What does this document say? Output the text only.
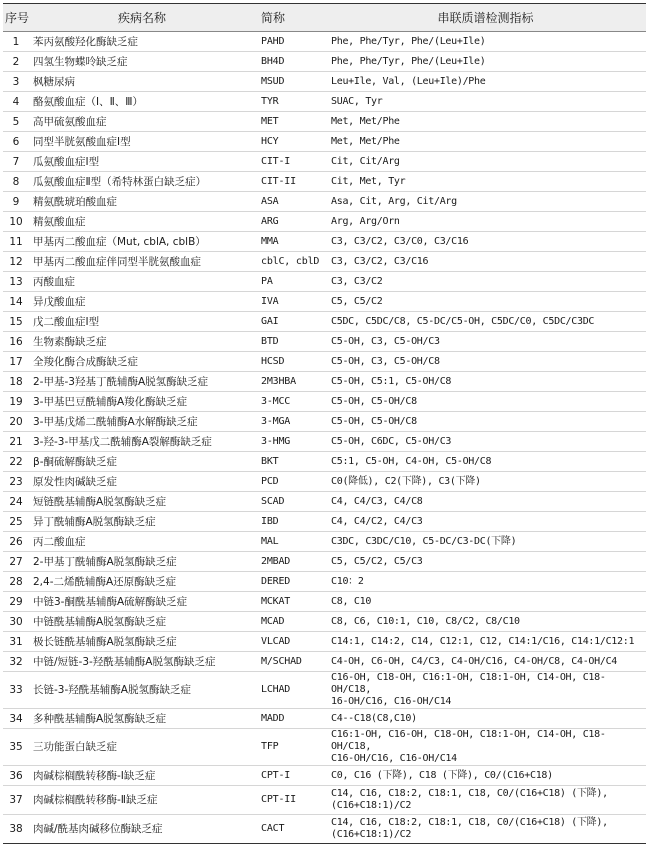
序号	疾病名称	简称	串联质谱检测指标
1	苯丙氨酸羟化酶缺乏症	PAHD	Phe, Phe/Tyr, Phe/(Leu+Ile)

2	四氢生物蝶呤缺乏症	BH4D	Phe, Phe/Tyr, Phe/(Leu+Ile)

3	枫糖尿病	MSUD	Leu+Ile, Val, (Leu+Ile)/Phe

4	酪氨酸血症（Ⅰ、Ⅱ、Ⅲ）	TYR	SUAC, Tyr

5	高甲硫氨酸血症	MET	Met, Met/Phe

6	同型半胱氨酸血症Ⅰ型	HCY	Met, Met/Phe

7	瓜氨酸血症Ⅰ型	CIT-I	Cit, Cit/Arg

8	瓜氨酸血症Ⅱ型（希特林蛋白缺乏症）	CIT-II	Cit, Met, Tyr

9	精氨酰琥珀酸血症	ASA	Asa, Cit, Arg, Cit/Arg

10	精氨酸血症	ARG	Arg, Arg/Orn

11	甲基丙二酸血症（Mut, cblA, cblB）	MMA	C3, C3/C2, C3/C0, C3/C16

12	甲基丙二酸血症伴同型半胱氨酸血症	cblC, cblD	C3, C3/C2, C3/C16

13	丙酸血症	PA	C3, C3/C2

14	异戊酸血症	IVA	C5, C5/C2

15	戊二酸血症Ⅰ型	GAI	C5DC, C5DC/C8, C5-DC/C5-OH, C5DC/C0, C5DC/C3DC

16	生物素酶缺乏症	BTD	C5-OH, C3, C5-OH/C3

17	全羧化酶合成酶缺乏症	HCSD	C5-OH, C3, C5-OH/C8

18	2-甲基-3羟基丁酰辅酶A脱氢酶缺乏症	2M3HBA	C5-OH, C5:1, C5-OH/C8

19	3-甲基巴豆酰辅酶A羧化酶缺乏症	3-MCC	C5-OH, C5-OH/C8

20	3-甲基戊烯二酰辅酶A水解酶缺乏症	3-MGA	C5-OH, C5-OH/C8

21	3-羟-3-甲基戊二酰辅酶A裂解酶缺乏症	3-HMG	C5-OH, C6DC, C5-OH/C3

22	β-酮硫解酶缺乏症	BKT	C5:1, C5-OH, C4-OH, C5-OH/C8

23	原发性肉碱缺乏症	PCD	C0(降低), C2(下降), C3(下降)

24	短链酰基辅酶A脱氢酶缺乏症	SCAD	C4, C4/C3, C4/C8

25	异丁酰辅酶A脱氢酶缺乏症	IBD	C4, C4/C2, C4/C3

26	丙二酸血症	MAL	C3DC, C3DC/C10, C5-DC/C3-DC(下降)

27	2-甲基丁酰辅酶A脱氢酶缺乏症	2MBAD	C5, C5/C2, C5/C3

28	2,4-二烯酰辅酶A还原酶缺乏症	DERED	C10：2

29	中链3-酮酰基辅酶A硫解酶缺乏症	MCKAT	C8, C10

30	中链酰基辅酶A脱氢酶缺乏症	MCAD	C8, C6, C10:1, C10, C8/C2, C8/C10

31	极长链酰基辅酶A脱氢酶缺乏症	VLCAD	C14:1, C14:2, C14, C12:1, C12, C14:1/C16, C14:1/C12:1

32	中链/短链-3-羟酰基辅酶A脱氢酶缺乏症	M/SCHAD	C4-OH, C6-OH, C4/C3, C4-OH/C16, C4-OH/C8, C4-OH/C4

33	长链-3-羟酰基辅酶A脱氢酶缺乏症	LCHAD	C16-OH, C18-OH, C16:1-OH, C18:1-OH, C14-OH, C18-OH/C18,
16-OH/C16, C16-OH/C14

34	多种酰基辅酶A脱氢酶缺乏症	MADD	C4--C18(C8,C10)

35	三功能蛋白缺乏症	TFP	C16:1-OH, C16-OH, C18-OH, C18:1-OH, C14-OH, C18-OH/C18,
C16-OH/C16, C16-OH/C14

36	肉碱棕榈酰转移酶-Ⅰ缺乏症	CPT-I	C0, C16 (下降), C18 (下降), C0/(C16+C18)

37	肉碱棕榈酰转移酶-Ⅱ缺乏症	CPT-II	C14, C16, C18:2, C18:1, C18, C0/(C16+C18) (下降),
(C16+C18:1)/C2

38	肉碱/酰基肉碱移位酶缺乏症	CACT	C14, C16, C18:2, C18:1, C18, C0/(C16+C18) (下降),
(C16+C18:1)/C2
